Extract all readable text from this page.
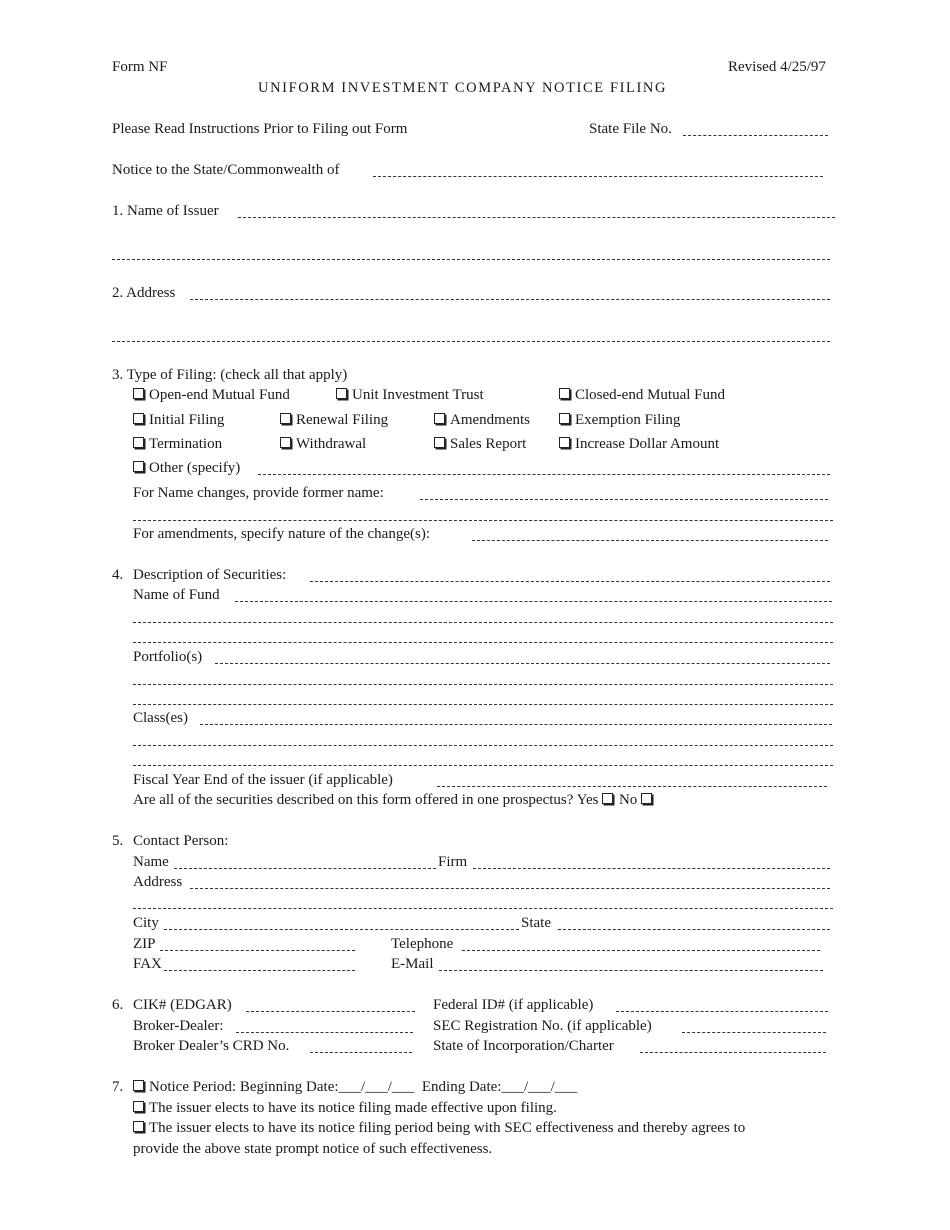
Form NF	Revised 4/25/97
UNIFORM INVESTMENT COMPANY NOTICE FILING
Please Read Instructions Prior to Filing out Form	State File No.
Notice to the State/Commonwealth of
1. Name of Issuer
2. Address
3. Type of Filing: (check all that apply)
Open-end Mutual Fund	Unit Investment Trust	Closed-end Mutual Fund
Initial Filing	Renewal Filing	Amendments	Exemption Filing
Termination	Withdrawal	Sales Report	Increase Dollar Amount
Other (specify)
For Name changes, provide former name:
For amendments, specify nature of the change(s):
4. Description of Securities:
Name of Fund
Portfolio(s)
Class(es)
Fiscal Year End of the issuer (if applicable)
Are all of the securities described on this form offered in one prospectus? Yes No
5. Contact Person:
Name	Firm
Address
City	State
ZIP	Telephone
FAX	E-Mail
6. CIK# (EDGAR)	Federal ID# (if applicable)
Broker-Dealer:	SEC Registration No. (if applicable)
Broker Dealer’s CRD No.	State of Incorporation/Charter
7.	Notice Period: Beginning Date:___/___/___ Ending Date:___/___/___
The issuer elects to have its notice filing made effective upon filing.
The issuer elects to have its notice filing period being with SEC effectiveness and thereby agrees to
provide the above state prompt notice of such effectiveness.
